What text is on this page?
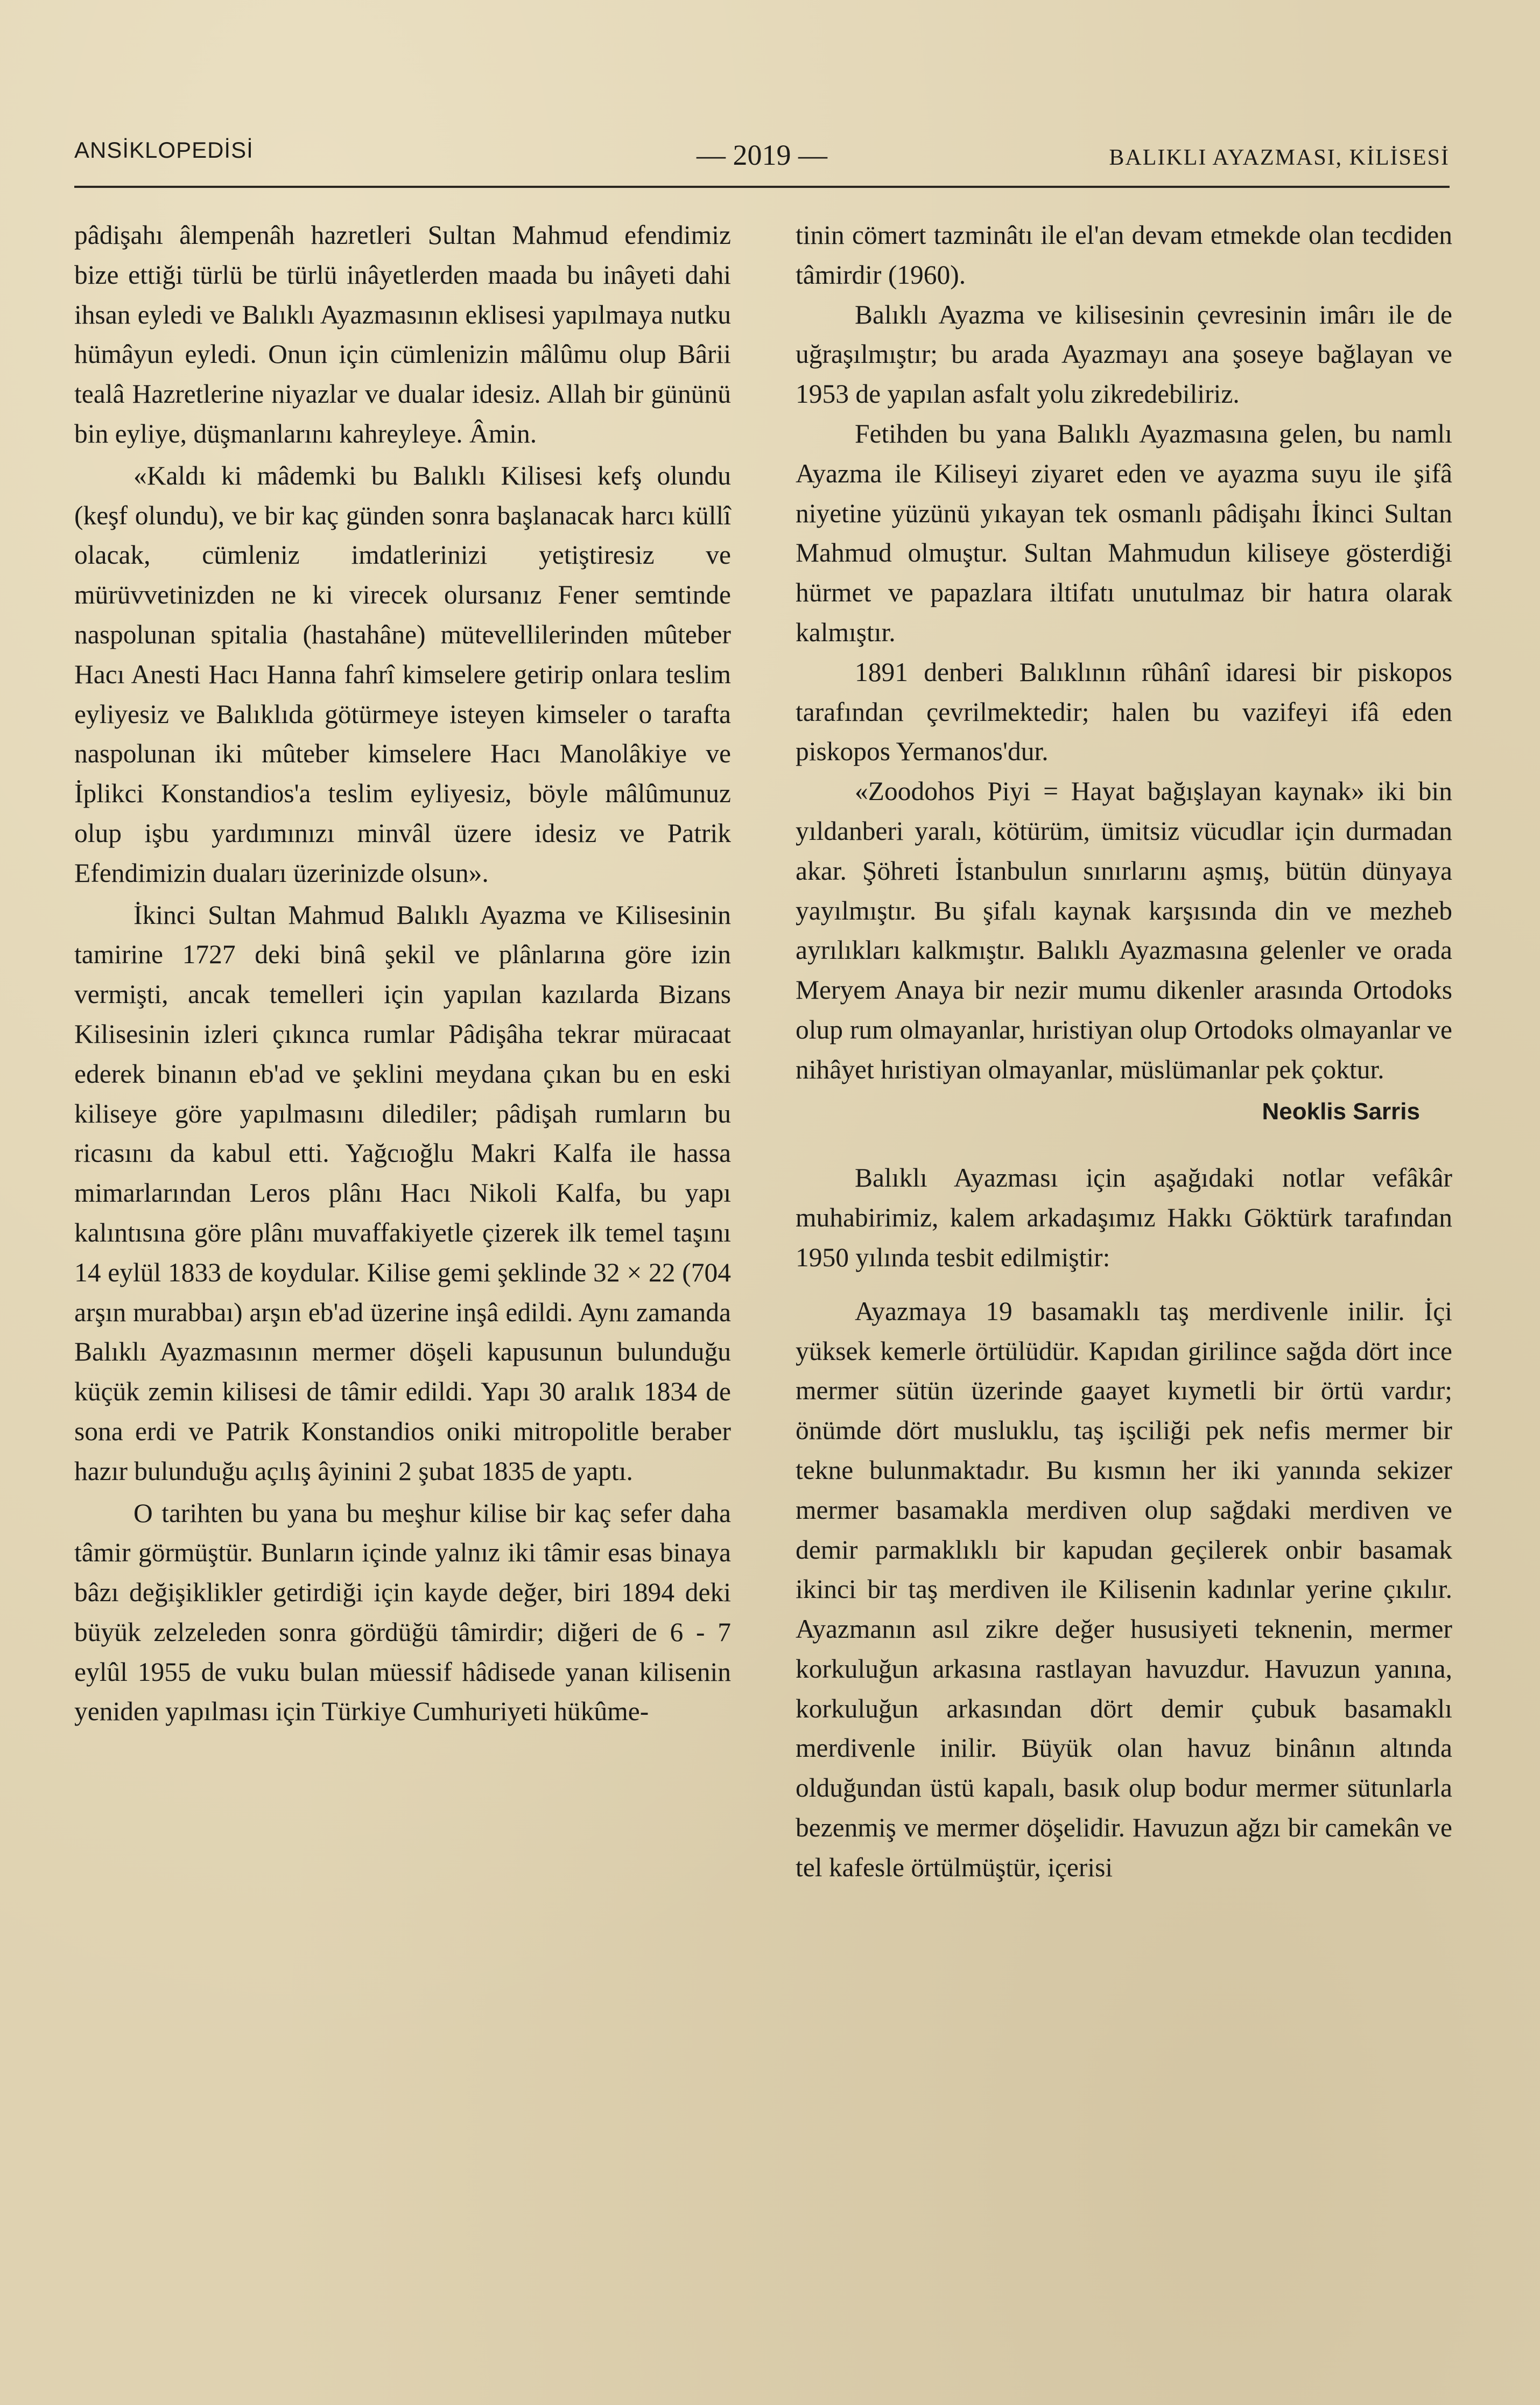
ANSİKLOPEDİSİ	— 2019 —	BALIKLI AYAZMASI, KİLİSESİ

pâdişahı âlempenâh hazretleri Sultan Mahmud efendimiz bize ettiği türlü be türlü inâyetlerden maada bu inâyeti dahi ihsan eyledi ve Balıklı Ayazmasının eklisesi yapılmaya nutku hümâyun eyledi. Onun için cümlenizin mâlûmu olup Bârii tealâ Hazretlerine niyazlar ve dualar idesiz. Allah bir gününü bin eyliye, düşmanlarını kahreyleye. Âmin.

«Kaldı ki mâdemki bu Balıklı Kilisesi kefş olundu (keşf olundu), ve bir kaç günden sonra başlanacak harcı küllî olacak, cümleniz imdatlerinizi yetiştiresiz ve mürüvvetinizden ne ki virecek olursanız Fener semtinde naspolunan spitalia (hastahâne) mütevellilerinden mûteber Hacı Anesti Hacı Hanna fahrî kimselere getirip onlara teslim eyliyesiz ve Balıklıda götürmeye isteyen kimseler o tarafta naspolunan iki mûteber kimselere Hacı Manolâkiye ve İplikci Konstandios'a teslim eyliyesiz, böyle mâlûmunuz olup işbu yardımınızı minvâl üzere idesiz ve Patrik Efendimizin duaları üzerinizde olsun».

İkinci Sultan Mahmud Balıklı Ayazma ve Kilisesinin tamirine 1727 deki binâ şekil ve plânlarına göre izin vermişti, ancak temelleri için yapılan kazılarda Bizans Kilisesinin izleri çıkınca rumlar Pâdişâha tekrar müracaat ederek binanın eb'ad ve şeklini meydana çıkan bu en eski kiliseye göre yapılmasını dilediler; pâdişah rumların bu ricasını da kabul etti. Yağcıoğlu Makri Kalfa ile hassa mimarlarından Leros plânı Hacı Nikoli Kalfa, bu yapı kalıntısına göre plânı muvaffakiyetle çizerek ilk temel taşını 14 eylül 1833 de koydular. Kilise gemi şeklinde 32 × 22 (704 arşın murabbaı) arşın eb'ad üzerine inşâ edildi. Aynı zamanda Balıklı Ayazmasının mermer döşeli kapusunun bulunduğu küçük zemin kilisesi de tâmir edildi. Yapı 30 aralık 1834 de sona erdi ve Patrik Konstandios oniki mitropolitle beraber hazır bulunduğu açılış âyinini 2 şubat 1835 de yaptı.

O tarihten bu yana bu meşhur kilise bir kaç sefer daha tâmir görmüştür. Bunların içinde yalnız iki tâmir esas binaya bâzı değişiklikler getirdiği için kayde değer, biri 1894 deki büyük zelzeleden sonra gördüğü tâmirdir; diğeri de 6 - 7 eylûl 1955 de vuku bulan müessif hâdisede yanan kilisenin yeniden yapılması için Türkiye Cumhuriyeti hükûme-

tinin cömert tazminâtı ile el'an devam etmekde olan tecdiden tâmirdir (1960).

Balıklı Ayazma ve kilisesinin çevresinin imârı ile de uğraşılmıştır; bu arada Ayazmayı ana şoseye bağlayan ve 1953 de yapılan asfalt yolu zikredebiliriz.

Fetihden bu yana Balıklı Ayazmasına gelen, bu namlı Ayazma ile Kiliseyi ziyaret eden ve ayazma suyu ile şifâ niyetine yüzünü yıkayan tek osmanlı pâdişahı İkinci Sultan Mahmud olmuştur. Sultan Mahmudun kiliseye gösterdiği hürmet ve papazlara iltifatı unutulmaz bir hatıra olarak kalmıştır.

1891 denberi Balıklının rûhânî idaresi bir piskopos tarafından çevrilmektedir; halen bu vazifeyi ifâ eden piskopos Yermanos'dur.

«Zoodohos Piyi = Hayat bağışlayan kaynak» iki bin yıldanberi yaralı, kötürüm, ümitsiz vücudlar için durmadan akar. Şöhreti İstanbulun sınırlarını aşmış, bütün dünyaya yayılmıştır. Bu şifalı kaynak karşısında din ve mezheb ayrılıkları kalkmıştır. Balıklı Ayazmasına gelenler ve orada Meryem Anaya bir nezir mumu dikenler arasında Ortodoks olup rum olmayanlar, hıristiyan olup Ortodoks olmayanlar ve nihâyet hıristiyan olmayanlar, müslümanlar pek çoktur.

Neoklis Sarris

Balıklı Ayazması için aşağıdaki notlar vefâkâr muhabirimiz, kalem arkadaşımız Hakkı Göktürk tarafından 1950 yılında tesbit edilmiştir:

Ayazmaya 19 basamaklı taş merdivenle inilir. İçi yüksek kemerle örtülüdür. Kapıdan girilince sağda dört ince mermer sütün üzerinde gaayet kıymetli bir örtü vardır; önümde dört musluklu, taş işciliği pek nefis mermer bir tekne bulunmaktadır. Bu kısmın her iki yanında sekizer mermer basamakla merdiven olup sağdaki merdiven ve demir parmaklıklı bir kapudan geçilerek onbir basamak ikinci bir taş merdiven ile Kilisenin kadınlar yerine çıkılır. Ayazmanın asıl zikre değer hususiyeti teknenin, mermer korkuluğun arkasına rastlayan havuzdur. Havuzun yanına, korkuluğun arkasından dört demir çubuk basamaklı merdivenle inilir. Büyük olan havuz binânın altında olduğundan üstü kapalı, basık olup bodur mermer sütunlarla bezenmiş ve mermer döşelidir. Havuzun ağzı bir camekân ve tel kafesle örtülmüştür, içerisi
